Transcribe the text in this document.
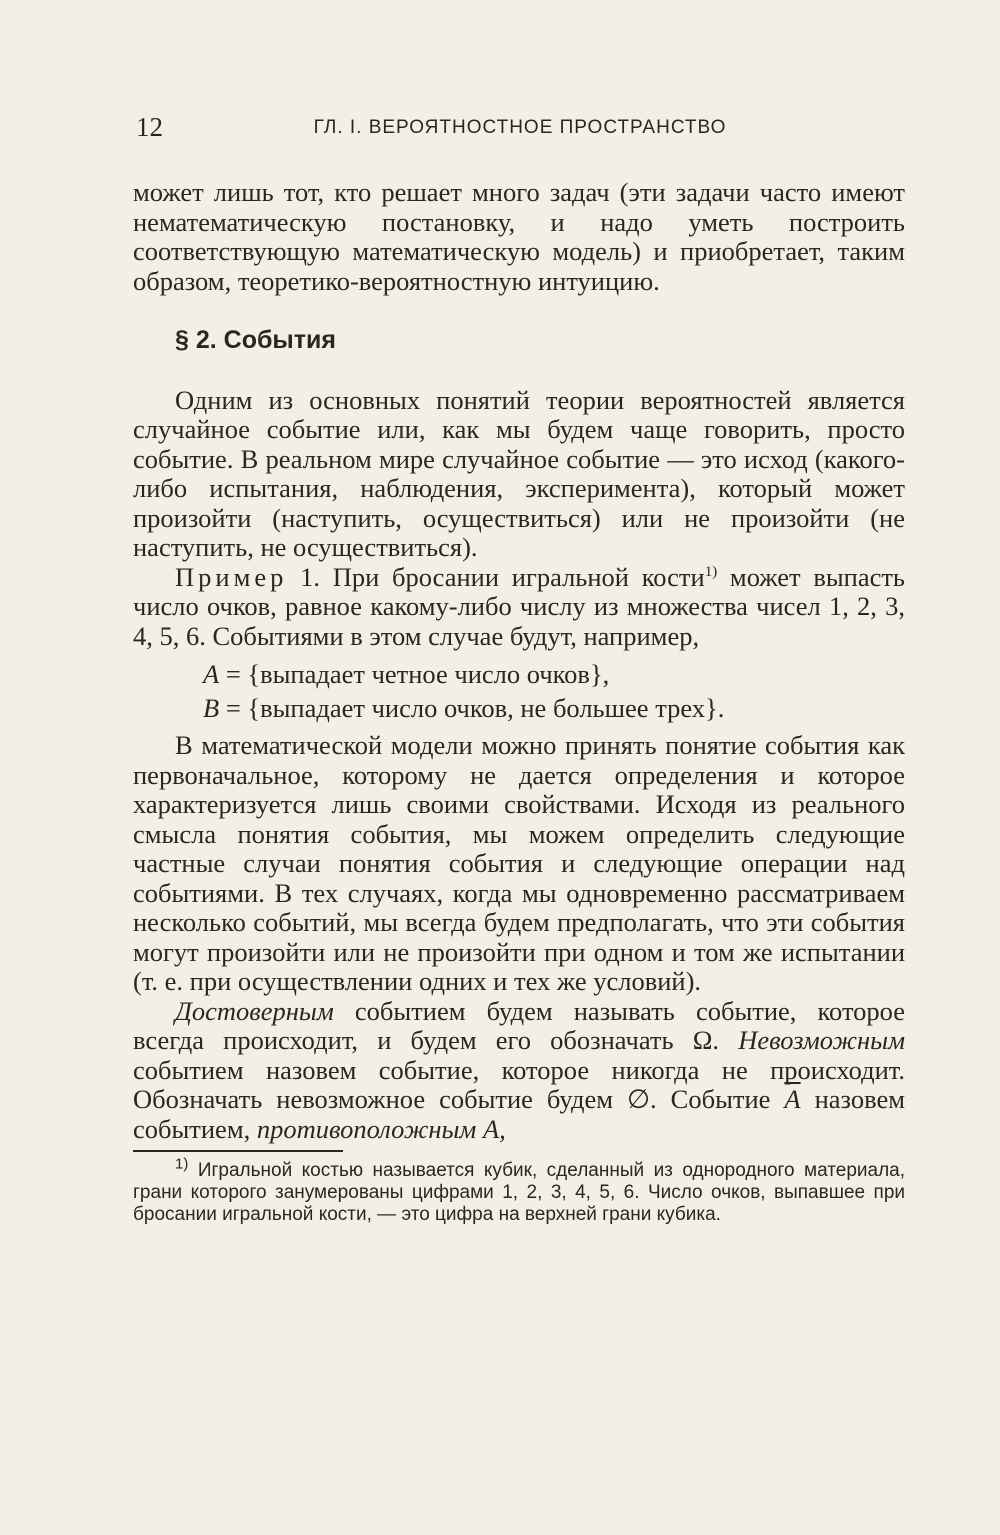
12	ГЛ. I. ВЕРОЯТНОСТНОЕ ПРОСТРАНСТВО

может лишь тот, кто решает много задач (эти задачи часто имеют нематематическую постановку, и надо уметь построить соответствующую математическую модель) и приобретает, таким образом, теоретико-вероятностную интуицию.

§ 2. События

Одним из основных понятий теории вероятностей является случайное событие или, как мы будем чаще говорить, просто событие. В реальном мире случайное событие — это исход (какого-либо испытания, наблюдения, эксперимента), который может произойти (наступить, осуществиться) или не произойти (не наступить, не осуществиться).

Пример 1. При бросании игральной кости$^{1)}$ может выпасть число очков, равное какому-либо числу из множества чисел 1, 2, 3, 4, 5, 6. Событиями в этом случае будут, например,

A = {выпадает четное число очков},
B = {выпадает число очков, не большее трех}.

В математической модели можно принять понятие события как первоначальное, которому не дается определения и которое характеризуется лишь своими свойствами. Исходя из реального смысла понятия события, мы можем определить следующие частные случаи понятия события и следующие операции над событиями. В тех случаях, когда мы одновременно рассматриваем несколько событий, мы всегда будем предполагать, что эти события могут произойти или не произойти при одном и том же испытании (т. е. при осуществлении одних и тех же условий).

Достоверным событием будем называть событие, которое всегда происходит, и будем его обозначать Ω. Невозможным событием назовем событие, которое никогда не происходит. Обозначать невозможное событие будем ∅. Событие $\overline{A}$ назовем событием, противоположным A,

$^{1)}$ Игральной костью называется кубик, сделанный из однородного материала, грани которого занумерованы цифрами 1, 2, 3, 4, 5, 6. Число очков, выпавшее при бросании игральной кости, — это цифра на верхней грани кубика.
